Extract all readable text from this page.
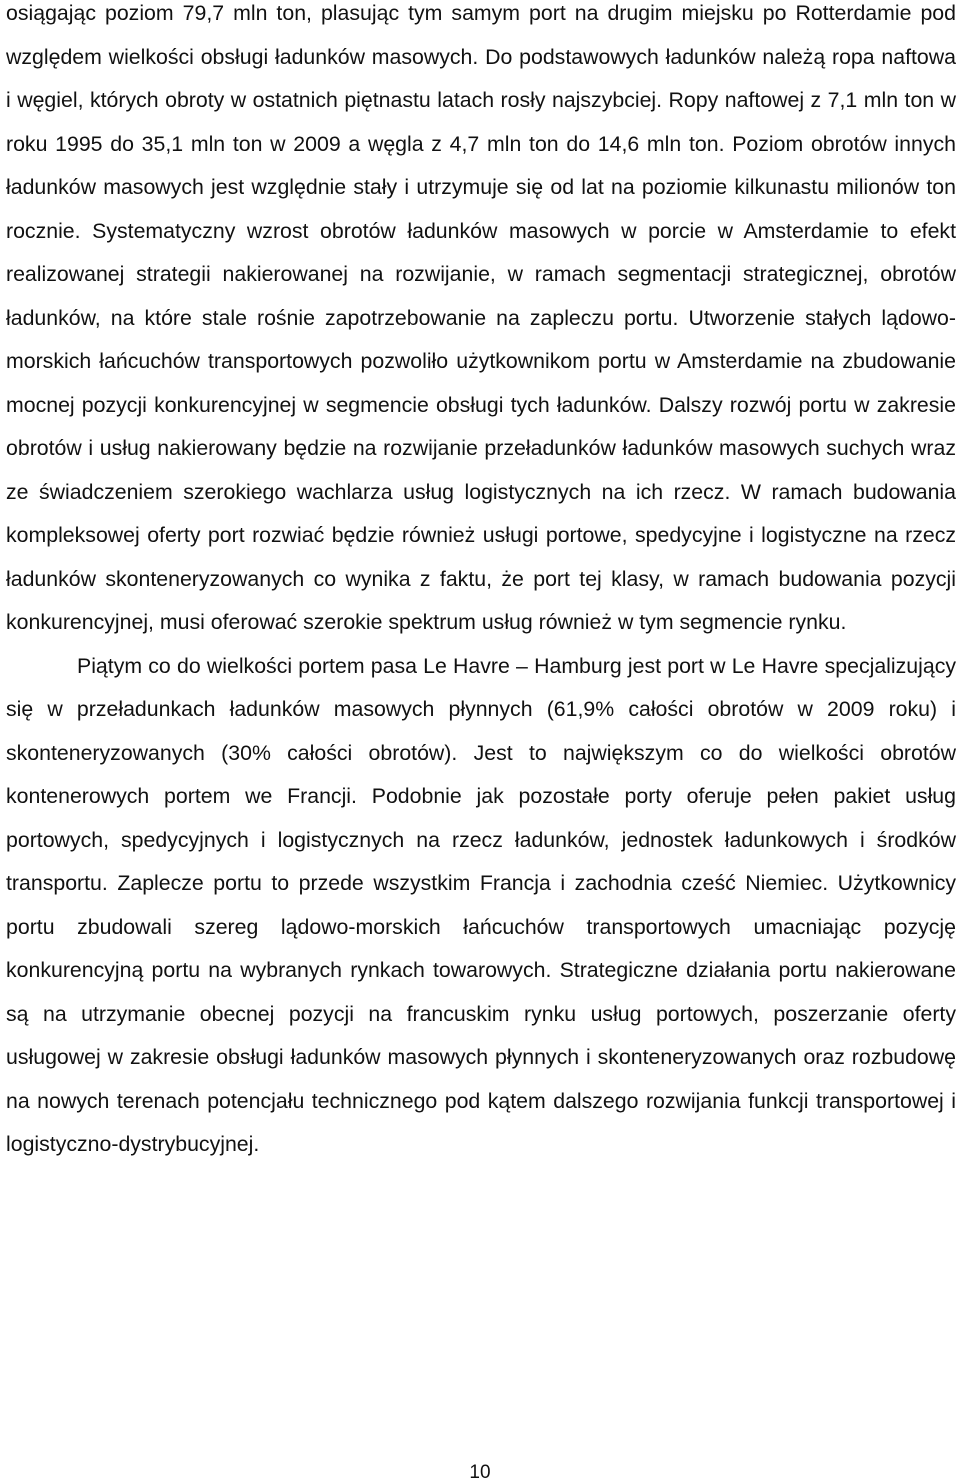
osiągając poziom 79,7 mln ton, plasując tym samym port na drugim miejsku po Rotterdamie pod względem wielkości obsługi ładunków masowych. Do podstawowych ładunków należą ropa naftowa i węgiel, których obroty w ostatnich piętnastu latach rosły najszybciej. Ropy naftowej z 7,1 mln ton w roku 1995 do 35,1 mln ton w 2009 a węgla z 4,7 mln ton do 14,6 mln ton. Poziom obrotów innych ładunków masowych jest względnie stały i utrzymuje się od lat na poziomie kilkunastu milionów ton rocznie. Systematyczny wzrost obrotów ładunków masowych w porcie w Amsterdamie to efekt realizowanej strategii nakierowanej na rozwijanie, w ramach segmentacji strategicznej, obrotów ładunków, na które stale rośnie zapotrzebowanie na zapleczu portu. Utworzenie stałych lądowo-morskich łańcuchów transportowych pozwoliło użytkownikom portu w Amsterdamie na zbudowanie mocnej pozycji konkurencyjnej w segmencie obsługi tych ładunków. Dalszy rozwój portu w zakresie obrotów i usług nakierowany będzie na rozwijanie przeładunków ładunków masowych suchych wraz ze świadczeniem szerokiego wachlarza usług logistycznych na ich rzecz. W ramach budowania kompleksowej oferty port rozwiać będzie również usługi portowe, spedycyjne i logistyczne na rzecz ładunków skonteneryzowanych co wynika z faktu, że port tej klasy, w ramach budowania pozycji konkurencyjnej, musi oferować szerokie spektrum usług również w tym segmencie rynku.

Piątym co do wielkości portem pasa Le Havre – Hamburg jest port w Le Havre specjalizujący się w przeładunkach ładunków masowych płynnych (61,9% całości obrotów w 2009 roku) i skonteneryzowanych (30% całości obrotów). Jest to największym co do wielkości obrotów kontenerowych portem we Francji. Podobnie jak pozostałe porty oferuje pełen pakiet usług portowych, spedycyjnych i logistycznych na rzecz ładunków, jednostek ładunkowych i środków transportu. Zaplecze portu to przede wszystkim Francja i zachodnia cześć Niemiec. Użytkownicy portu zbudowali szereg lądowo-morskich łańcuchów transportowych umacniając pozycję konkurencyjną portu na wybranych rynkach towarowych. Strategiczne działania portu nakierowane są na utrzymanie obecnej pozycji na francuskim rynku usług portowych, poszerzanie oferty usługowej w zakresie obsługi ładunków masowych płynnych i skonteneryzowanych oraz rozbudowę na nowych terenach potencjału technicznego pod kątem dalszego rozwijania funkcji transportowej i logistyczno-dystrybucyjnej.

10
